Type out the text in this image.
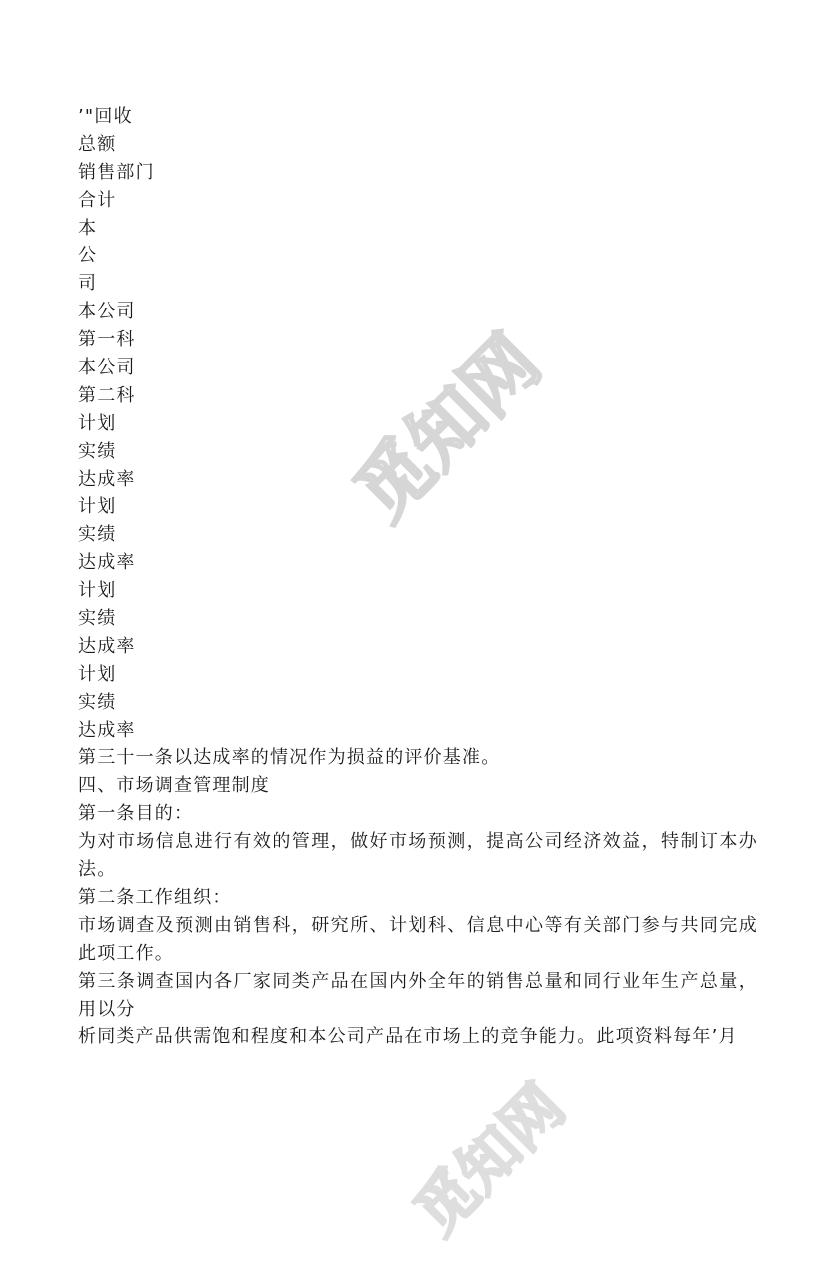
觅知网
觅知网
’"回收
总额
销售部门
合计
本
公
司
本公司
第一科
本公司
第二科
计划
实绩
达成率
计划
实绩
达成率
计划
实绩
达成率
计划
实绩
达成率
第三十一条以达成率的情况作为损益的评价基准。
四、市场调查管理制度
第一条目的：
为对市场信息进行有效的管理，做好市场预测，提高公司经济效益，特制订本办法。
第二条工作组织：
市场调查及预测由销售科，研究所、计划科、信息中心等有关部门参与共同完成此项工作。
第三条调查国内各厂家同类产品在国内外全年的销售总量和同行业年生产总量，用以分
析同类产品供需饱和程度和本公司产品在市场上的竞争能力。此项资料每年’月
